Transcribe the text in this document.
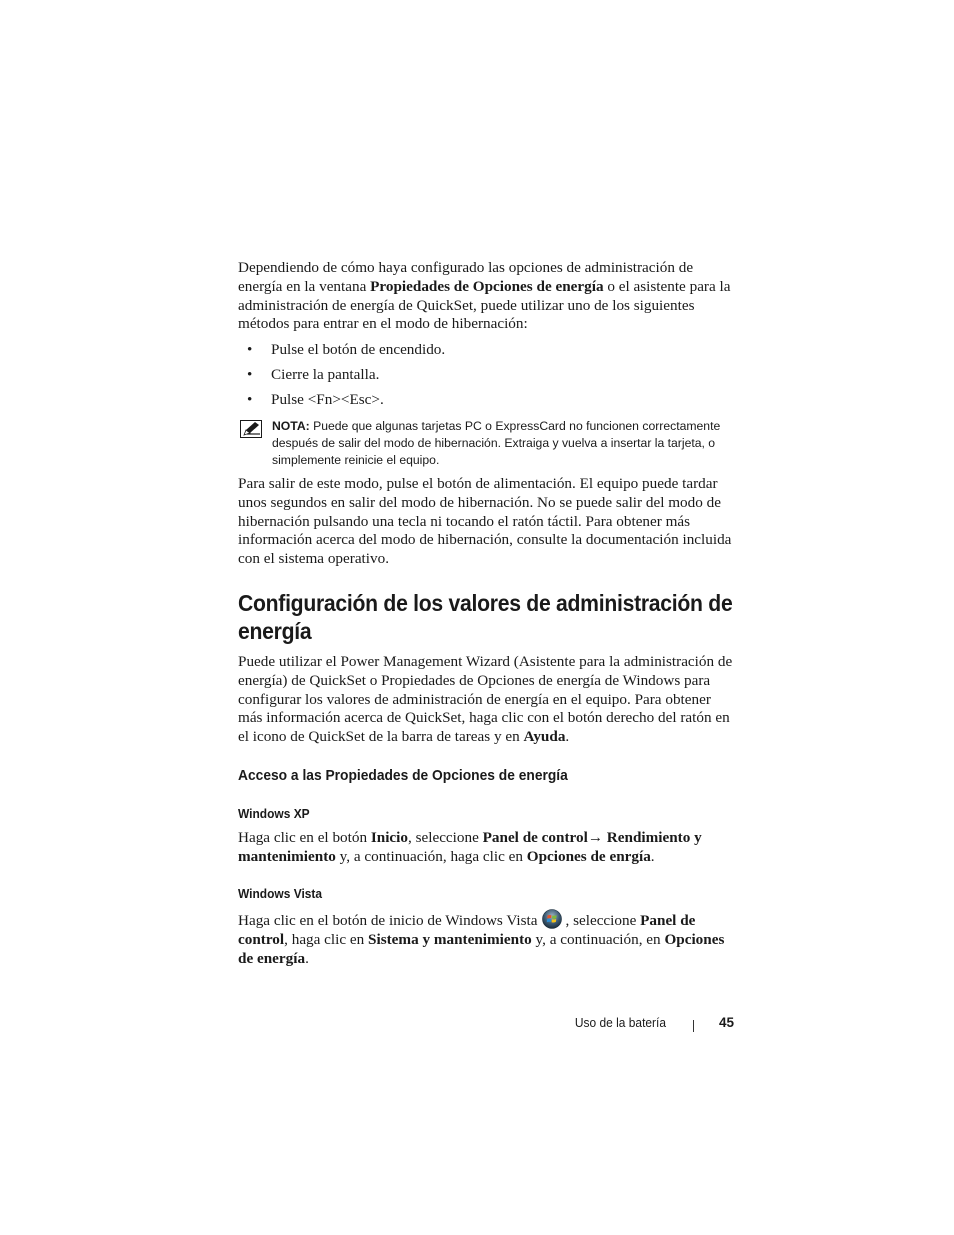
Dependiendo de cómo haya configurado las opciones de administración de energía en la ventana Propiedades de Opciones de energía o el asistente para la administración de energía de QuickSet, puede utilizar uno de los siguientes métodos para entrar en el modo de hibernación:

• Pulse el botón de encendido.
• Cierre la pantalla.
• Pulse <Fn><Esc>.

NOTA: Puede que algunas tarjetas PC o ExpressCard no funcionen correctamente después de salir del modo de hibernación. Extraiga y vuelva a insertar la tarjeta, o simplemente reinicie el equipo.

Para salir de este modo, pulse el botón de alimentación. El equipo puede tardar unos segundos en salir del modo de hibernación. No se puede salir del modo de hibernación pulsando una tecla ni tocando el ratón táctil. Para obtener más información acerca del modo de hibernación, consulte la documentación incluida con el sistema operativo.

Configuración de los valores de administración de energía

Puede utilizar el Power Management Wizard (Asistente para la administración de energía) de QuickSet o Propiedades de Opciones de energía de Windows para configurar los valores de administración de energía en el equipo. Para obtener más información acerca de QuickSet, haga clic con el botón derecho del ratón en el icono de QuickSet de la barra de tareas y en Ayuda.

Acceso a las Propiedades de Opciones de energía
Windows XP

Haga clic en el botón Inicio, seleccione Panel de control→ Rendimiento y mantenimiento y, a continuación, haga clic en Opciones de enrgía.

Windows Vista

Haga clic en el botón de inicio de Windows Vista , seleccione Panel de control, haga clic en Sistema y mantenimiento y, a continuación, en Opciones de energía.

Uso de la batería	45
